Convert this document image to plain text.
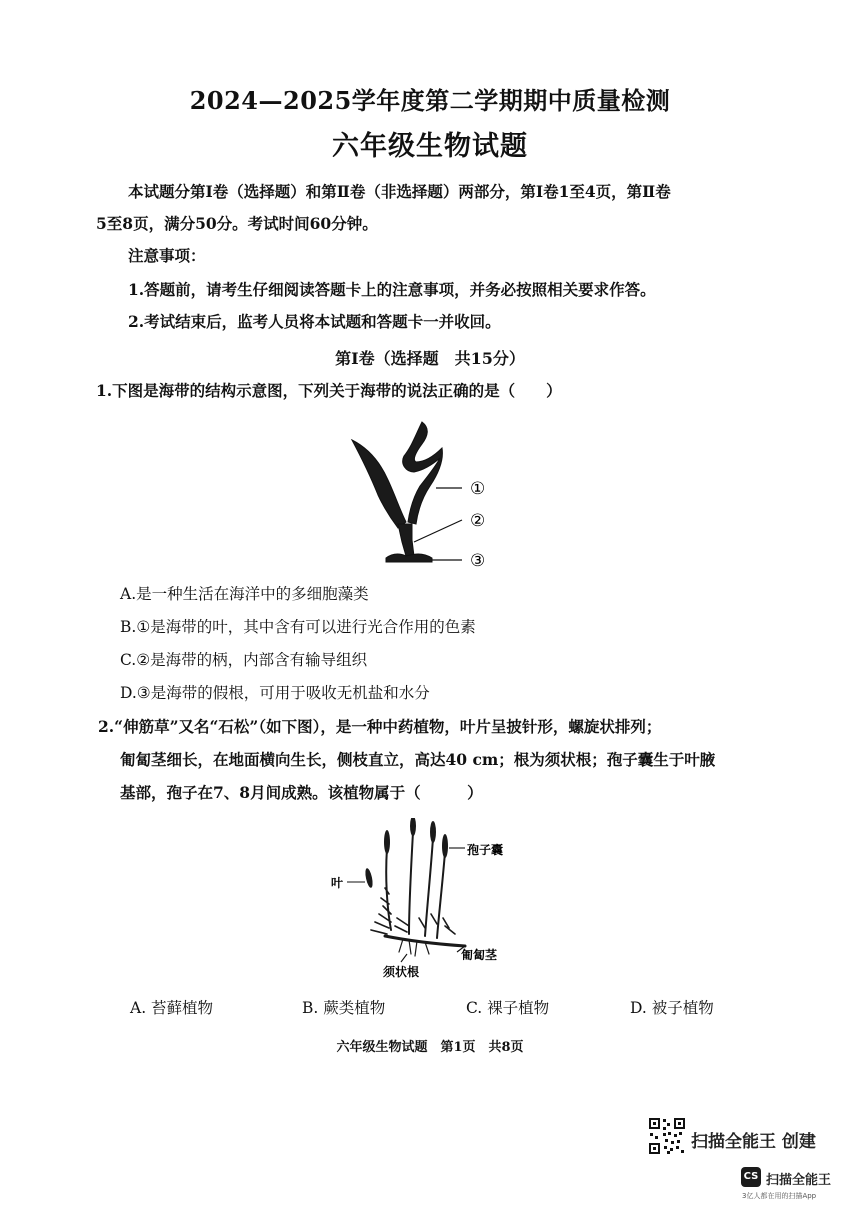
2024—2025学年度第二学期期中质量检测
六年级生物试题
本试题分第Ⅰ卷（选择题）和第Ⅱ卷（非选择题）两部分，第Ⅰ卷1至4页，第Ⅱ卷
5至8页，满分50分。考试时间60分钟。
注意事项：
1.答题前，请考生仔细阅读答题卡上的注意事项，并务必按照相关要求作答。
2.考试结束后，监考人员将本试题和答题卡一并收回。
第Ⅰ卷（选择题　共15分）
1.下图是海带的结构示意图，下列关于海带的说法正确的是（　　）
①
②
③
A.是一种生活在海洋中的多细胞藻类
B.①是海带的叶，其中含有可以进行光合作用的色素
C.②是海带的柄，内部含有输导组织
D.③是海带的假根，可用于吸收无机盐和水分
2.“伸筋草”又名“石松”（如下图），是一种中药植物，叶片呈披针形，螺旋状排列；
匍匐茎细长，在地面横向生长，侧枝直立，高达40 cm；根为须状根；孢子囊生于叶腋
基部，孢子在7、8月间成熟。该植物属于（　　　）
孢子囊
叶
匍匐茎
须状根
A. 苔藓植物	B. 蕨类植物	C. 裸子植物	D. 被子植物
六年级生物试题　第1页　共8页
扫描全能王 创建
CS 扫描全能王
3亿人都在用的扫描App
